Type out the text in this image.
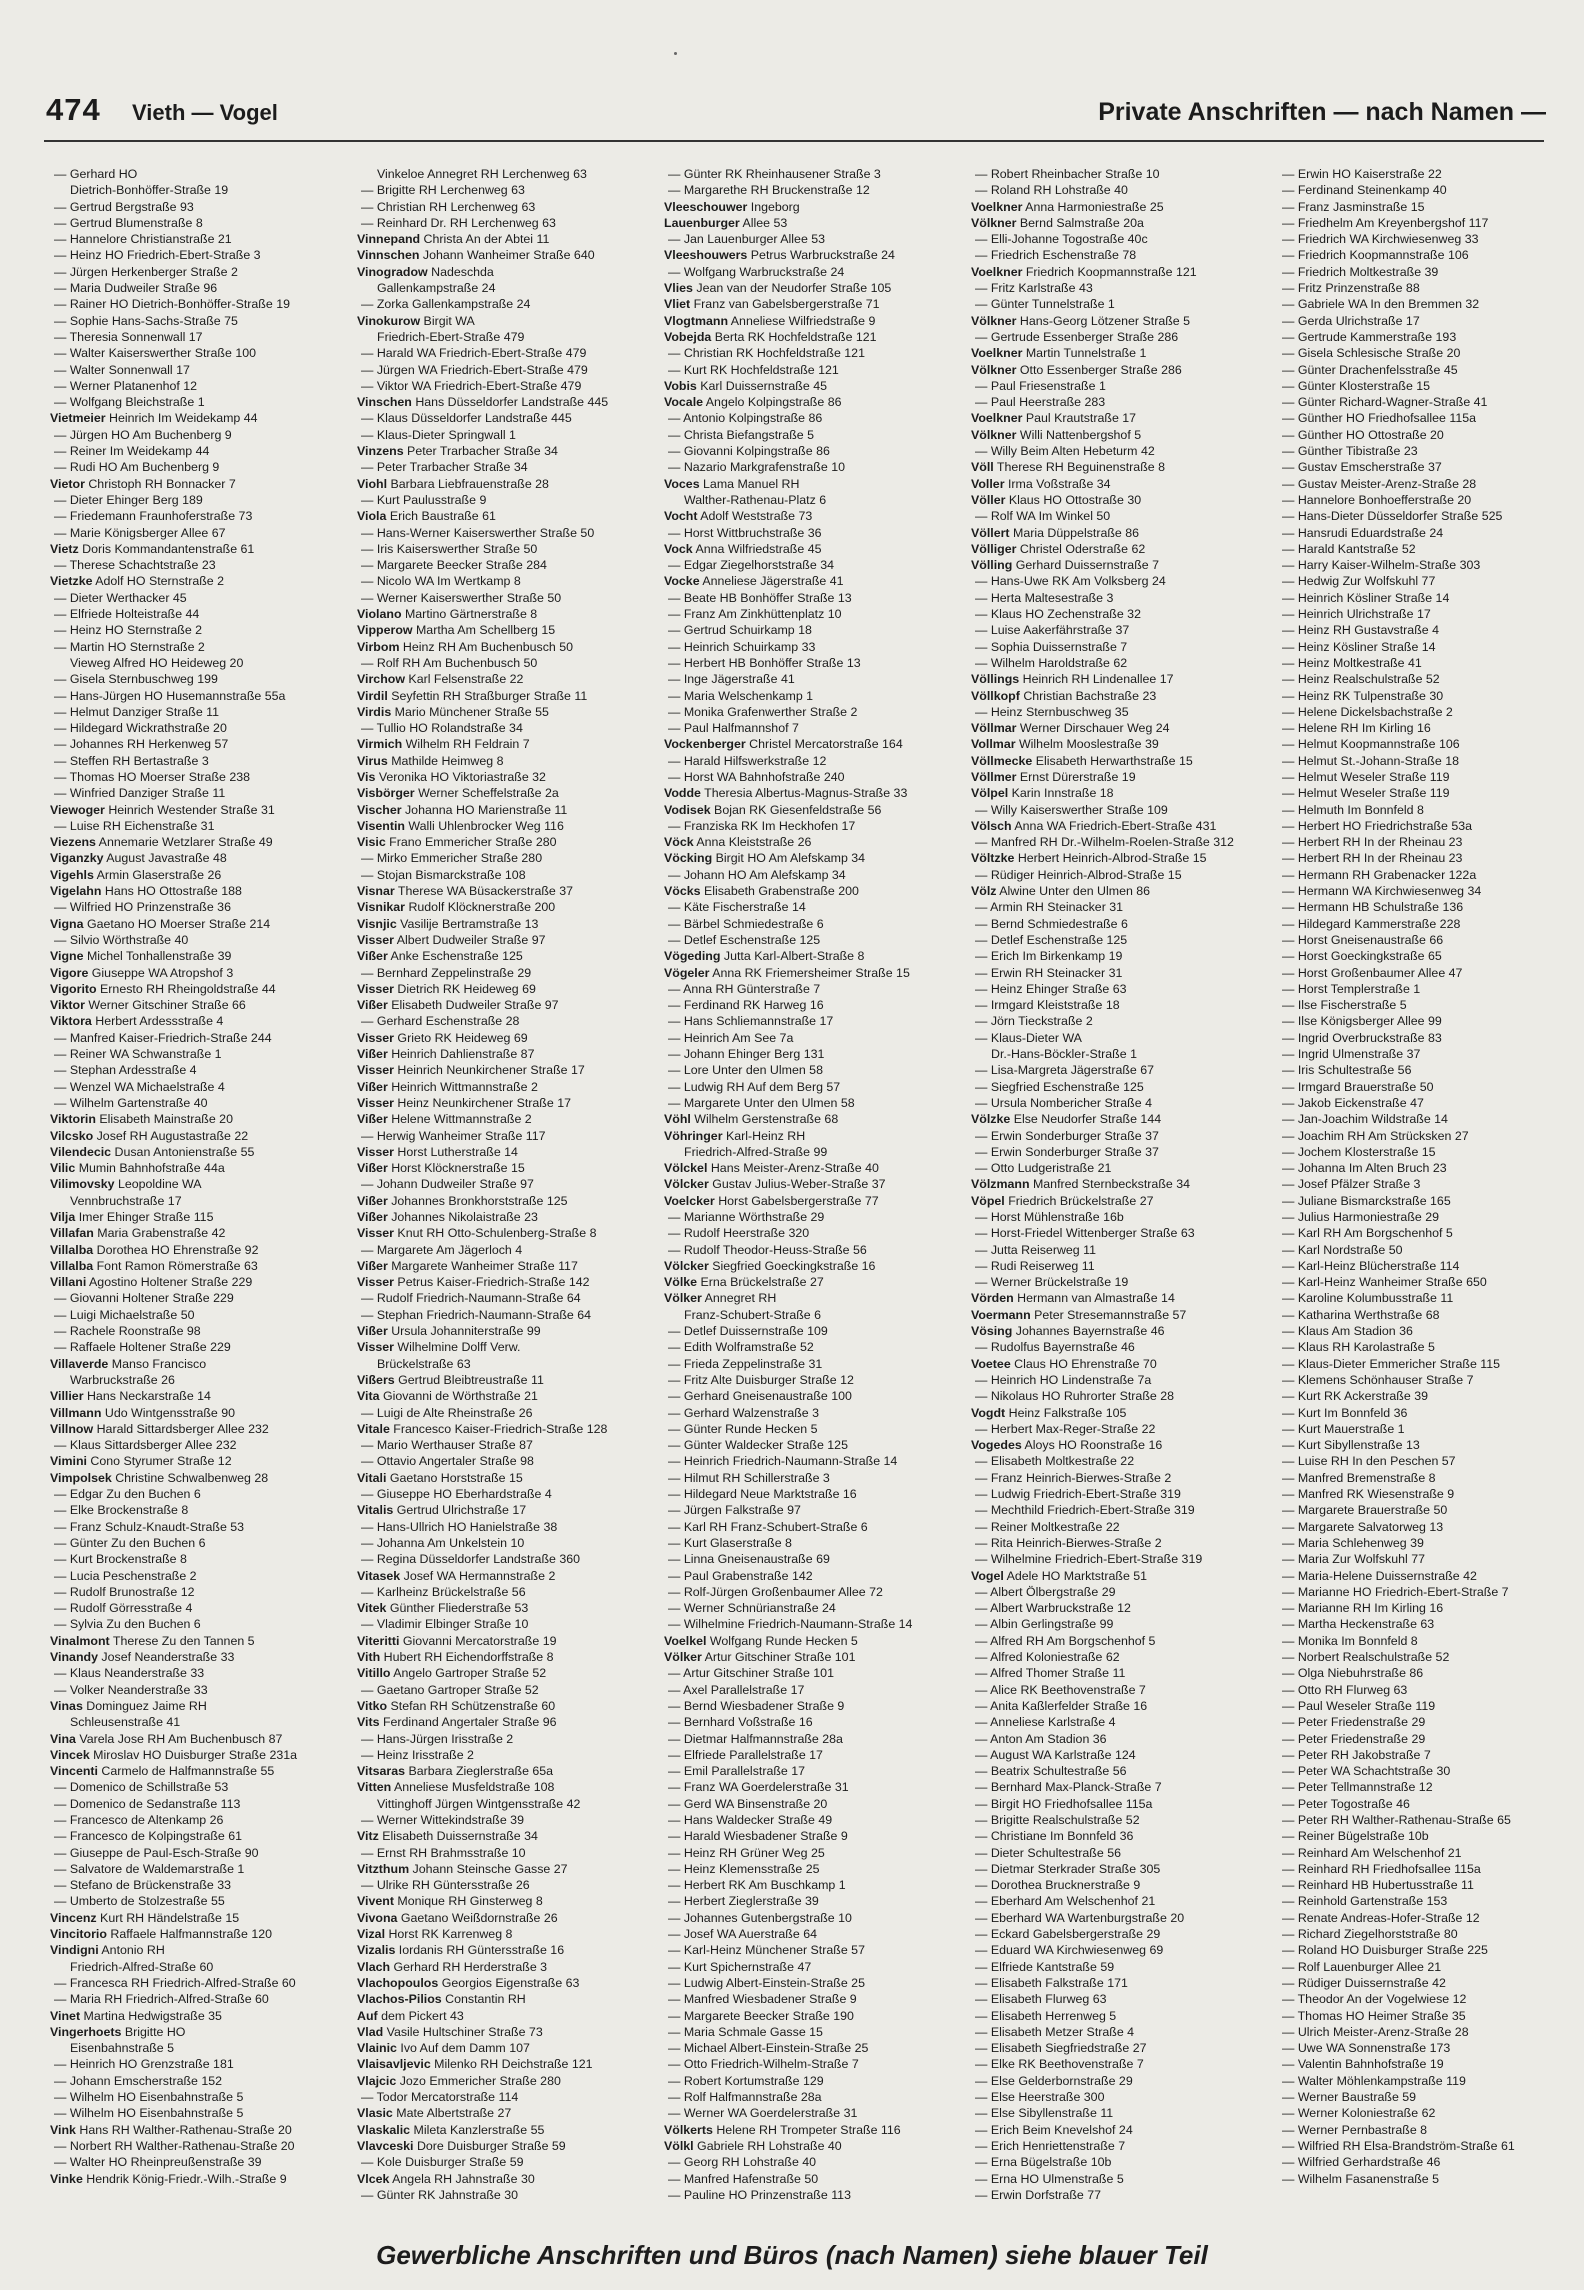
474 Vieth — Vogel	Private Anschriften — nach Namen —
— Gerhard HO
Dietrich-Bonhöffer-Straße 19
— Gertrud Bergstraße 93
— Gertrud Blumenstraße 8
— Hannelore Christianstraße 21
— Heinz HO Friedrich-Ebert-Straße 3
— Jürgen Herkenberger Straße 2
— Maria Dudweiler Straße 96
— Rainer HO Dietrich-Bonhöffer-Straße 19
— Sophie Hans-Sachs-Straße 75
— Theresia Sonnenwall 17
— Walter Kaiserswerther Straße 100
— Walter Sonnenwall 17
— Werner Platanenhof 12
— Wolfgang Bleichstraße 1
Vietmeier Heinrich Im Weidekamp 44
— Jürgen HO Am Buchenberg 9
— Reiner Im Weidekamp 44
— Rudi HO Am Buchenberg 9
Vietor Christoph RH Bonnacker 7
— Dieter Ehinger Berg 189
— Friedemann Fraunhoferstraße 73
— Marie Königsberger Allee 67
Vietz Doris Kommandantenstraße 61
— Therese Schachtstraße 23
Vietzke Adolf HO Sternstraße 2
— Dieter Werthacker 45
— Elfriede Holteistraße 44
— Heinz HO Sternstraße 2
— Martin HO Sternstraße 2
Vieweg Alfred HO Heideweg 20
— Gisela Sternbuschweg 199
— Hans-Jürgen HO Husemannstraße 55a
— Helmut Danziger Straße 11
— Hildegard Wickrathstraße 20
— Johannes RH Herkenweg 57
— Steffen RH Bertastraße 3
— Thomas HO Moerser Straße 238
— Winfried Danziger Straße 11
Viewoger Heinrich Westender Straße 31
— Luise RH Eichenstraße 31
Viezens Annemarie Wetzlarer Straße 49
Viganzky August Javastraße 48
Vigehls Armin Glaserstraße 26
Vigelahn Hans HO Ottostraße 188
— Wilfried HO Prinzenstraße 36
Vigna Gaetano HO Moerser Straße 214
— Silvio Wörthstraße 40
Vigne Michel Tonhallenstraße 39
Vigore Giuseppe WA Atropshof 3
Vigorito Ernesto RH Rheingoldstraße 44
Viktor Werner Gitschiner Straße 66
Viktora Herbert Ardessstraße 4
— Manfred Kaiser-Friedrich-Straße 244
— Reiner WA Schwanstraße 1
— Stephan Ardesstraße 4
— Wenzel WA Michaelstraße 4
— Wilhelm Gartenstraße 40
Viktorin Elisabeth Mainstraße 20
Vilcsko Josef RH Augustastraße 22
Vilendecic Dusan Antonienstraße 55
Vilic Mumin Bahnhofstraße 44a
Vilimovsky Leopoldine WA
Vennbruchstraße 17
Vilja Imer Ehinger Straße 115
Villafan Maria Grabenstraße 42
Villalba Dorothea HO Ehrenstraße 92
Villalba Font Ramon Römerstraße 63
Villani Agostino Holtener Straße 229
— Giovanni Holtener Straße 229
— Luigi Michaelstraße 50
— Rachele Roonstraße 98
— Raffaele Holtener Straße 229
Villaverde Manso Francisco
Warbruckstraße 26
Villier Hans Neckarstraße 14
Villmann Udo Wintgensstraße 90
Villnow Harald Sittardsberger Allee 232
— Klaus Sittardsberger Allee 232
Vimini Cono Styrumer Straße 12
Vimpolsek Christine Schwalbenweg 28
— Edgar Zu den Buchen 6
— Elke Brockenstraße 8
— Franz Schulz-Knaudt-Straße 53
— Günter Zu den Buchen 6
— Kurt Brockenstraße 8
— Lucia Peschenstraße 2
— Rudolf Brunostraße 12
— Rudolf Görresstraße 4
— Sylvia Zu den Buchen 6
Vinalmont Therese Zu den Tannen 5
Vinandy Josef Neanderstraße 33
— Klaus Neanderstraße 33
— Volker Neanderstraße 33
Vinas Dominguez Jaime RH
Schleusenstraße 41
Vina Varela Jose RH Am Buchenbusch 87
Vincek Miroslav HO Duisburger Straße 231a
Vincenti Carmelo de Halfmannstraße 55
— Domenico de Schillstraße 53
— Domenico de Sedanstraße 113
— Francesco de Altenkamp 26
— Francesco de Kolpingstraße 61
— Giuseppe de Paul-Esch-Straße 90
— Salvatore de Waldemarstraße 1
— Stefano de Brückenstraße 33
— Umberto de Stolzestraße 55
Vincenz Kurt RH Händelstraße 15
Vincitorio Raffaele Halfmannstraße 120
Vindigni Antonio RH
Friedrich-Alfred-Straße 60
— Francesca RH Friedrich-Alfred-Straße 60
— Maria RH Friedrich-Alfred-Straße 60
Vinet Martina Hedwigstraße 35
Vingerhoets Brigitte HO
Eisenbahnstraße 5
— Heinrich HO Grenzstraße 181
— Johann Emscherstraße 152
— Wilhelm HO Eisenbahnstraße 5
— Wilhelm HO Eisenbahnstraße 5
Vink Hans RH Walther-Rathenau-Straße 20
— Norbert RH Walther-Rathenau-Straße 20
— Walter HO Rheinpreußenstraße 39
Vinke Hendrik König-Friedr.-Wilh.-Straße 9
Vinkeloe Annegret RH Lerchenweg 63
— Brigitte RH Lerchenweg 63
— Christian RH Lerchenweg 63
— Reinhard Dr. RH Lerchenweg 63
Vinnepand Christa An der Abtei 11
Vinnschen Johann Wanheimer Straße 640
Vinogradow Nadeschda
Gallenkampstraße 24
— Zorka Gallenkampstraße 24
Vinokurow Birgit WA
Friedrich-Ebert-Straße 479
— Harald WA Friedrich-Ebert-Straße 479
— Jürgen WA Friedrich-Ebert-Straße 479
— Viktor WA Friedrich-Ebert-Straße 479
Vinschen Hans Düsseldorfer Landstraße 445
— Klaus Düsseldorfer Landstraße 445
— Klaus-Dieter Springwall 1
Vinzens Peter Trarbacher Straße 34
— Peter Trarbacher Straße 34
Viohl Barbara Liebfrauenstraße 28
— Kurt Paulusstraße 9
Viola Erich Baustraße 61
— Hans-Werner Kaiserswerther Straße 50
— Iris Kaiserswerther Straße 50
— Margarete Beecker Straße 284
— Nicolo WA Im Wertkamp 8
— Werner Kaiserswerther Straße 50
Violano Martino Gärtnerstraße 8
Vipperow Martha Am Schellberg 15
Virbom Heinz RH Am Buchenbusch 50
— Rolf RH Am Buchenbusch 50
Virchow Karl Felsenstraße 22
Virdil Seyfettin RH Straßburger Straße 11
Virdis Mario Münchener Straße 55
— Tullio HO Rolandstraße 34
Virmich Wilhelm RH Feldrain 7
Virus Mathilde Heimweg 8
Vis Veronika HO Viktoriastraße 32
Visbörger Werner Scheffelstraße 2a
Vischer Johanna HO Marienstraße 11
Visentin Walli Uhlenbrocker Weg 116
Visic Frano Emmericher Straße 280
— Mirko Emmericher Straße 280
— Stojan Bismarckstraße 108
Visnar Therese WA Büsackerstraße 37
Visnikar Rudolf Klöcknerstraße 200
Visnjic Vasilije Bertramstraße 13
Visser Albert Dudweiler Straße 97
Vißer Anke Eschenstraße 125
— Bernhard Zeppelinstraße 29
Visser Dietrich RK Heideweg 69
Vißer Elisabeth Dudweiler Straße 97
— Gerhard Eschenstraße 28
Visser Grieto RK Heideweg 69
Vißer Heinrich Dahlienstraße 87
Visser Heinrich Neunkirchener Straße 17
Vißer Heinrich Wittmannstraße 2
Visser Heinz Neunkirchener Straße 17
Vißer Helene Wittmannstraße 2
— Herwig Wanheimer Straße 117
Visser Horst Lutherstraße 14
Vißer Horst Klöcknerstraße 15
— Johann Dudweiler Straße 97
Vißer Johannes Bronkhorststraße 125
Vißer Johannes Nikolaistraße 23
Visser Knut RH Otto-Schulenberg-Straße 8
— Margarete Am Jägerloch 4
Vißer Margarete Wanheimer Straße 117
Visser Petrus Kaiser-Friedrich-Straße 142
— Rudolf Friedrich-Naumann-Straße 64
— Stephan Friedrich-Naumann-Straße 64
Vißer Ursula Johanniterstraße 99
Visser Wilhelmine Dolff Verw.
Brückelstraße 63
Vißers Gertrud Bleibtreustraße 11
Vita Giovanni de Wörthstraße 21
— Luigi de Alte Rheinstraße 26
Vitale Francesco Kaiser-Friedrich-Straße 128
— Mario Werthauser Straße 87
— Ottavio Angertaler Straße 98
Vitali Gaetano Horststraße 15
— Giuseppe HO Eberhardstraße 4
Vitalis Gertrud Ulrichstraße 17
— Hans-Ullrich HO Hanielstraße 38
— Johanna Am Unkelstein 10
— Regina Düsseldorfer Landstraße 360
Vitasek Josef WA Hermannstraße 2
— Karlheinz Brückelstraße 56
Vitek Günther Fliederstraße 53
— Vladimir Elbinger Straße 10
Viteritti Giovanni Mercatorstraße 19
Vith Hubert RH Eichendorffstraße 8
Vitillo Angelo Gartroper Straße 52
— Gaetano Gartroper Straße 52
Vitko Stefan RH Schützenstraße 60
Vits Ferdinand Angertaler Straße 96
— Hans-Jürgen Irisstraße 2
— Heinz Irisstraße 2
Vitsaras Barbara Zieglerstraße 65a
Vitten Anneliese Musfeldstraße 108
Vittinghoff Jürgen Wintgensstraße 42
— Werner Wittekindstraße 39
Vitz Elisabeth Duissernstraße 34
— Ernst RH Brahmsstraße 10
Vitzthum Johann Steinsche Gasse 27
— Ulrike RH Güntersstraße 26
Vivent Monique RH Ginsterweg 8
Vivona Gaetano Weißdornstraße 26
Vizal Horst RK Karrenweg 8
Vizalis Iordanis RH Güntersstraße 16
Vlach Gerhard RH Herderstraße 3
Vlachopoulos Georgios Eigenstraße 63
Vlachos-Pilios Constantin RH
Auf dem Pickert 43
Vlad Vasile Hultschiner Straße 73
Vlainic Ivo Auf dem Damm 107
Vlaisavljevic Milenko RH Deichstraße 121
Vlajcic Jozo Emmericher Straße 280
— Todor Mercatorstraße 114
Vlasic Mate Albertstraße 27
Vlaskalic Mileta Kanzlerstraße 55
Vlavceski Dore Duisburger Straße 59
— Kole Duisburger Straße 59
Vlcek Angela RH Jahnstraße 30
— Günter RK Jahnstraße 30
— Günter RK Rheinhausener Straße 3
— Margarethe RH Bruckenstraße 12
Vleeschouwer Ingeborg
Lauenburger Allee 53
— Jan Lauenburger Allee 53
Vleeshouwers Petrus Warbruckstraße 24
— Wolfgang Warbruckstraße 24
Vlies Jean van der Neudorfer Straße 105
Vliet Franz van Gabelsbergerstraße 71
Vlogtmann Anneliese Wilfriedstraße 9
Vobejda Berta RK Hochfeldstraße 121
— Christian RK Hochfeldstraße 121
— Kurt RK Hochfeldstraße 121
Vobis Karl Duissernstraße 45
Vocale Angelo Kolpingstraße 86
— Antonio Kolpingstraße 86
— Christa Biefangstraße 5
— Giovanni Kolpingstraße 86
— Nazario Markgrafenstraße 10
Voces Lama Manuel RH
Walther-Rathenau-Platz 6
Vocht Adolf Weststraße 73
— Horst Wittbruchstraße 36
Vock Anna Wilfriedstraße 45
— Edgar Ziegelhorststraße 34
Vocke Anneliese Jägerstraße 41
— Beate HB Bonhöffer Straße 13
— Franz Am Zinkhüttenplatz 10
— Gertrud Schuirkamp 18
— Heinrich Schuirkamp 33
— Herbert HB Bonhöffer Straße 13
— Inge Jägerstraße 41
— Maria Welschenkamp 1
— Monika Grafenwerther Straße 2
— Paul Halfmannshof 7
Vockenberger Christel Mercatorstraße 164
— Harald Hilfswerkstraße 12
— Horst WA Bahnhofstraße 240
Vodde Theresia Albertus-Magnus-Straße 33
Vodisek Bojan RK Giesenfeldstraße 56
— Franziska RK Im Heckhofen 17
Vöck Anna Kleiststraße 26
Vöcking Birgit HO Am Alefskamp 34
— Johann HO Am Alefskamp 34
Vöcks Elisabeth Grabenstraße 200
— Käte Fischerstraße 14
— Bärbel Schmiedestraße 6
— Detlef Eschenstraße 125
Vögeding Jutta Karl-Albert-Straße 8
Vögeler Anna RK Friemersheimer Straße 15
— Anna RH Günterstraße 7
— Ferdinand RK Harweg 16
— Hans Schliemannstraße 17
— Heinrich Am See 7a
— Johann Ehinger Berg 131
— Lore Unter den Ulmen 58
— Ludwig RH Auf dem Berg 57
— Margarete Unter den Ulmen 58
Vöhl Wilhelm Gerstenstraße 68
Vöhringer Karl-Heinz RH
Friedrich-Alfred-Straße 99
Völckel Hans Meister-Arenz-Straße 40
Völcker Gustav Julius-Weber-Straße 37
Voelcker Horst Gabelsbergerstraße 77
— Marianne Wörthstraße 29
— Rudolf Heerstraße 320
— Rudolf Theodor-Heuss-Straße 56
Völcker Siegfried Goeckingkstraße 16
Völke Erna Brückelstraße 27
Völker Annegret RH
Franz-Schubert-Straße 6
— Detlef Duissernstraße 109
— Edith Wolframstraße 52
— Frieda Zeppelinstraße 31
— Fritz Alte Duisburger Straße 12
— Gerhard Gneisenaustraße 100
— Gerhard Walzenstraße 3
— Günter Runde Hecken 5
— Günter Waldecker Straße 125
— Heinrich Friedrich-Naumann-Straße 14
— Hilmut RH Schillerstraße 3
— Hildegard Neue Marktstraße 16
— Jürgen Falkstraße 97
— Karl RH Franz-Schubert-Straße 6
— Kurt Glaserstraße 8
— Linna Gneisenaustraße 69
— Paul Grabenstraße 142
— Rolf-Jürgen Großenbaumer Allee 72
— Werner Schnürianstraße 24
— Wilhelmine Friedrich-Naumann-Straße 14
Voelkel Wolfgang Runde Hecken 5
Völker Artur Gitschiner Straße 101
— Artur Gitschiner Straße 101
— Axel Parallelstraße 17
— Bernd Wiesbadener Straße 9
— Bernhard Voßstraße 16
— Dietmar Halfmannstraße 28a
— Elfriede Parallelstraße 17
— Emil Parallelstraße 17
— Franz WA Goerdelerstraße 31
— Gerd WA Binsenstraße 20
— Hans Waldecker Straße 49
— Harald Wiesbadener Straße 9
— Heinz RH Grüner Weg 25
— Heinz Klemensstraße 25
— Herbert RK Am Buschkamp 1
— Herbert Zieglerstraße 39
— Johannes Gutenbergstraße 10
— Josef WA Auerstraße 64
— Karl-Heinz Münchener Straße 57
— Kurt Spichernstraße 47
— Ludwig Albert-Einstein-Straße 25
— Manfred Wiesbadener Straße 9
— Margarete Beecker Straße 190
— Maria Schmale Gasse 15
— Michael Albert-Einstein-Straße 25
— Otto Friedrich-Wilhelm-Straße 7
— Robert Kortumstraße 129
— Rolf Halfmannstraße 28a
— Werner WA Goerdelerstraße 31
Völkerts Helene RH Trompeter Straße 116
Völkl Gabriele RH Lohstraße 40
— Georg RH Lohstraße 40
— Manfred Hafenstraße 50
— Pauline HO Prinzenstraße 113
— Robert Rheinbacher Straße 10
— Roland RH Lohstraße 40
Voelkner Anna Harmoniestraße 25
Völkner Bernd Salmstraße 20a
— Elli-Johanne Togostraße 40c
— Friedrich Eschenstraße 78
Voelkner Friedrich Koopmannstraße 121
— Fritz Karlstraße 43
— Günter Tunnelstraße 1
Völkner Hans-Georg Lötzener Straße 5
— Gertrude Essenberger Straße 286
Voelkner Martin Tunnelstraße 1
Völkner Otto Essenberger Straße 286
— Paul Friesenstraße 1
— Paul Heerstraße 283
Voelkner Paul Krautstraße 17
Völkner Willi Nattenbergshof 5
— Willy Beim Alten Hebeturm 42
Völl Therese RH Beguinenstraße 8
Voller Irma Voßstraße 34
Völler Klaus HO Ottostraße 30
— Rolf WA Im Winkel 50
Völlert Maria Düppelstraße 86
Völliger Christel Oderstraße 62
Völling Gerhard Duissernstraße 7
— Hans-Uwe RK Am Volksberg 24
— Herta Maltesestraße 3
— Klaus HO Zechenstraße 32
— Luise Aakerfährstraße 37
— Sophia Duissernstraße 7
— Wilhelm Haroldstraße 62
Völlings Heinrich RH Lindenallee 17
Völlkopf Christian Bachstraße 23
— Heinz Sternbuschweg 35
Völlmar Werner Dirschauer Weg 24
Vollmar Wilhelm Mooslestraße 39
Völlmecke Elisabeth Herwarthstraße 15
Völlmer Ernst Dürerstraße 19
Völpel Karin Innstraße 18
— Willy Kaiserswerther Straße 109
Völsch Anna WA Friedrich-Ebert-Straße 431
— Manfred RH Dr.-Wilhelm-Roelen-Straße 312
Völtzke Herbert Heinrich-Albrod-Straße 15
— Rüdiger Heinrich-Albrod-Straße 15
Völz Alwine Unter den Ulmen 86
— Armin RH Steinacker 31
— Bernd Schmiedestraße 6
— Detlef Eschenstraße 125
— Erich Im Birkenkamp 19
— Erwin RH Steinacker 31
— Heinz Ehinger Straße 63
— Irmgard Kleiststraße 18
— Jörn Tieckstraße 2
— Klaus-Dieter WA
Dr.-Hans-Böckler-Straße 1
— Lisa-Margreta Jägerstraße 67
— Siegfried Eschenstraße 125
— Ursula Nombericher Straße 4
Völzke Else Neudorfer Straße 144
— Erwin Sonderburger Straße 37
— Erwin Sonderburger Straße 37
— Otto Ludgeristraße 21
Völzmann Manfred Sternbeckstraße 34
Vöpel Friedrich Brückelstraße 27
— Horst Mühlenstraße 16b
— Horst-Friedel Wittenberger Straße 63
— Jutta Reiserweg 11
— Rudi Reiserweg 11
— Werner Brückelstraße 19
Vörden Hermann van Almastraße 14
Voermann Peter Stresemannstraße 57
Vösing Johannes Bayernstraße 46
— Rudolfus Bayernstraße 46
Voetee Claus HO Ehrenstraße 70
— Heinrich HO Lindenstraße 7a
— Nikolaus HO Ruhrorter Straße 28
Vogdt Heinz Falkstraße 105
— Herbert Max-Reger-Straße 22
Vogedes Aloys HO Roonstraße 16
— Elisabeth Moltkestraße 22
— Franz Heinrich-Bierwes-Straße 2
— Ludwig Friedrich-Ebert-Straße 319
— Mechthild Friedrich-Ebert-Straße 319
— Reiner Moltkestraße 22
— Rita Heinrich-Bierwes-Straße 2
— Wilhelmine Friedrich-Ebert-Straße 319
Vogel Adele HO Marktstraße 51
— Albert Ölbergstraße 29
— Albert Warbruckstraße 12
— Albin Gerlingstraße 99
— Alfred RH Am Borgschenhof 5
— Alfred Koloniestraße 62
— Alfred Thomer Straße 11
— Alice RK Beethovenstraße 7
— Anita Kaßlerfelder Straße 16
— Anneliese Karlstraße 4
— Anton Am Stadion 36
— August WA Karlstraße 124
— Beatrix Schultestraße 56
— Bernhard Max-Planck-Straße 7
— Birgit HO Friedhofsallee 115a
— Brigitte Realschulstraße 52
— Christiane Im Bonnfeld 36
— Dieter Schultestraße 56
— Dietmar Sterkrader Straße 305
— Dorothea Brucknerstraße 9
— Eberhard Am Welschenhof 21
— Eberhard WA Wartenburgstraße 20
— Eckard Gabelsbergerstraße 29
— Eduard WA Kirchwiesenweg 69
— Elfriede Kantstraße 59
— Elisabeth Falkstraße 171
— Elisabeth Flurweg 63
— Elisabeth Herrenweg 5
— Elisabeth Metzer Straße 4
— Elisabeth Siegfriedstraße 27
— Elke RK Beethovenstraße 7
— Else Gelderbornstraße 29
— Else Heerstraße 300
— Else Sibyllenstraße 11
— Erich Beim Knevelshof 24
— Erich Henriettenstraße 7
— Erna Bügelstraße 10b
— Erna HO Ulmenstraße 5
— Erwin Dorfstraße 77
— Erwin HO Kaiserstraße 22
— Ferdinand Steinenkamp 40
— Franz Jasminstraße 15
— Friedhelm Am Kreyenbergshof 117
— Friedrich WA Kirchwiesenweg 33
— Friedrich Koopmannstraße 106
— Friedrich Moltkestraße 39
— Fritz Prinzenstraße 88
— Gabriele WA In den Bremmen 32
— Gerda Ulrichstraße 17
— Gertrude Kammerstraße 193
— Gisela Schlesische Straße 20
— Günter Drachenfelsstraße 45
— Günter Klosterstraße 15
— Günter Richard-Wagner-Straße 41
— Günther HO Friedhofsallee 115a
— Günther HO Ottostraße 20
— Günther Tibistraße 23
— Gustav Emscherstraße 37
— Gustav Meister-Arenz-Straße 28
— Hannelore Bonhoefferstraße 20
— Hans-Dieter Düsseldorfer Straße 525
— Hansrudi Eduardstraße 24
— Harald Kantstraße 52
— Harry Kaiser-Wilhelm-Straße 303
— Hedwig Zur Wolfskuhl 77
— Heinrich Kösliner Straße 14
— Heinrich Ulrichstraße 17
— Heinz RH Gustavstraße 4
— Heinz Kösliner Straße 14
— Heinz Moltkestraße 41
— Heinz Realschulstraße 52
— Heinz RK Tulpenstraße 30
— Helene Dickelsbachstraße 2
— Helene RH Im Kirling 16
— Helmut Koopmannstraße 106
— Helmut St.-Johann-Straße 18
— Helmut Weseler Straße 119
— Helmut Weseler Straße 119
— Helmuth Im Bonnfeld 8
— Herbert HO Friedrichstraße 53a
— Herbert RH In der Rheinau 23
— Herbert RH In der Rheinau 23
— Hermann RH Grabenacker 122a
— Hermann WA Kirchwiesenweg 34
— Hermann HB Schulstraße 136
— Hildegard Kammerstraße 228
— Horst Gneisenaustraße 66
— Horst Goeckingkstraße 65
— Horst Großenbaumer Allee 47
— Horst Templerstraße 1
— Ilse Fischerstraße 5
— Ilse Königsberger Allee 99
— Ingrid Overbruckstraße 83
— Ingrid Ulmenstraße 37
— Iris Schultestraße 56
— Irmgard Brauerstraße 50
— Jakob Eickenstraße 47
— Jan-Joachim Wildstraße 14
— Joachim RH Am Strücksken 27
— Jochem Klosterstraße 15
— Johanna Im Alten Bruch 23
— Josef Pfälzer Straße 3
— Juliane Bismarckstraße 165
— Julius Harmoniestraße 29
— Karl RH Am Borgschenhof 5
— Karl Nordstraße 50
— Karl-Heinz Blücherstraße 114
— Karl-Heinz Wanheimer Straße 650
— Karoline Kolumbusstraße 11
— Katharina Werthstraße 68
— Klaus Am Stadion 36
— Klaus RH Karolastraße 5
— Klaus-Dieter Emmericher Straße 115
— Klemens Schönhauser Straße 7
— Kurt RK Ackerstraße 39
— Kurt Im Bonnfeld 36
— Kurt Mauerstraße 1
— Kurt Sibyllenstraße 13
— Luise RH In den Peschen 57
— Manfred Bremenstraße 8
— Manfred RK Wiesenstraße 9
— Margarete Brauerstraße 50
— Margarete Salvatorweg 13
— Maria Schlehenweg 39
— Maria Zur Wolfskuhl 77
— Maria-Helene Duissernstraße 42
— Marianne HO Friedrich-Ebert-Straße 7
— Marianne RH Im Kirling 16
— Martha Heckenstraße 63
— Monika Im Bonnfeld 8
— Norbert Realschulstraße 52
— Olga Niebuhrstraße 86
— Otto RH Flurweg 63
— Paul Weseler Straße 119
— Peter Friedenstraße 29
— Peter Friedenstraße 29
— Peter RH Jakobstraße 7
— Peter WA Schachtstraße 30
— Peter Tellmannstraße 12
— Peter Togostraße 46
— Peter RH Walther-Rathenau-Straße 65
— Reiner Bügelstraße 10b
— Reinhard Am Welschenhof 21
— Reinhard RH Friedhofsallee 115a
— Reinhard HB Hubertusstraße 11
— Reinhold Gartenstraße 153
— Renate Andreas-Hofer-Straße 12
— Richard Ziegelhorststraße 80
— Roland HO Duisburger Straße 225
— Rolf Lauenburger Allee 21
— Rüdiger Duissernstraße 42
— Theodor An der Vogelwiese 12
— Thomas HO Heimer Straße 35
— Ulrich Meister-Arenz-Straße 28
— Uwe WA Sonnenstraße 173
— Valentin Bahnhofstraße 19
— Walter Möhlenkampstraße 119
— Werner Baustraße 59
— Werner Koloniestraße 62
— Werner Pernbastraße 8
— Wilfried RH Elsa-Brandström-Straße 61
— Wilfried Gerhardstraße 46
— Wilhelm Fasanenstraße 5
Gewerbliche Anschriften und Büros (nach Namen) siehe blauer Teil
